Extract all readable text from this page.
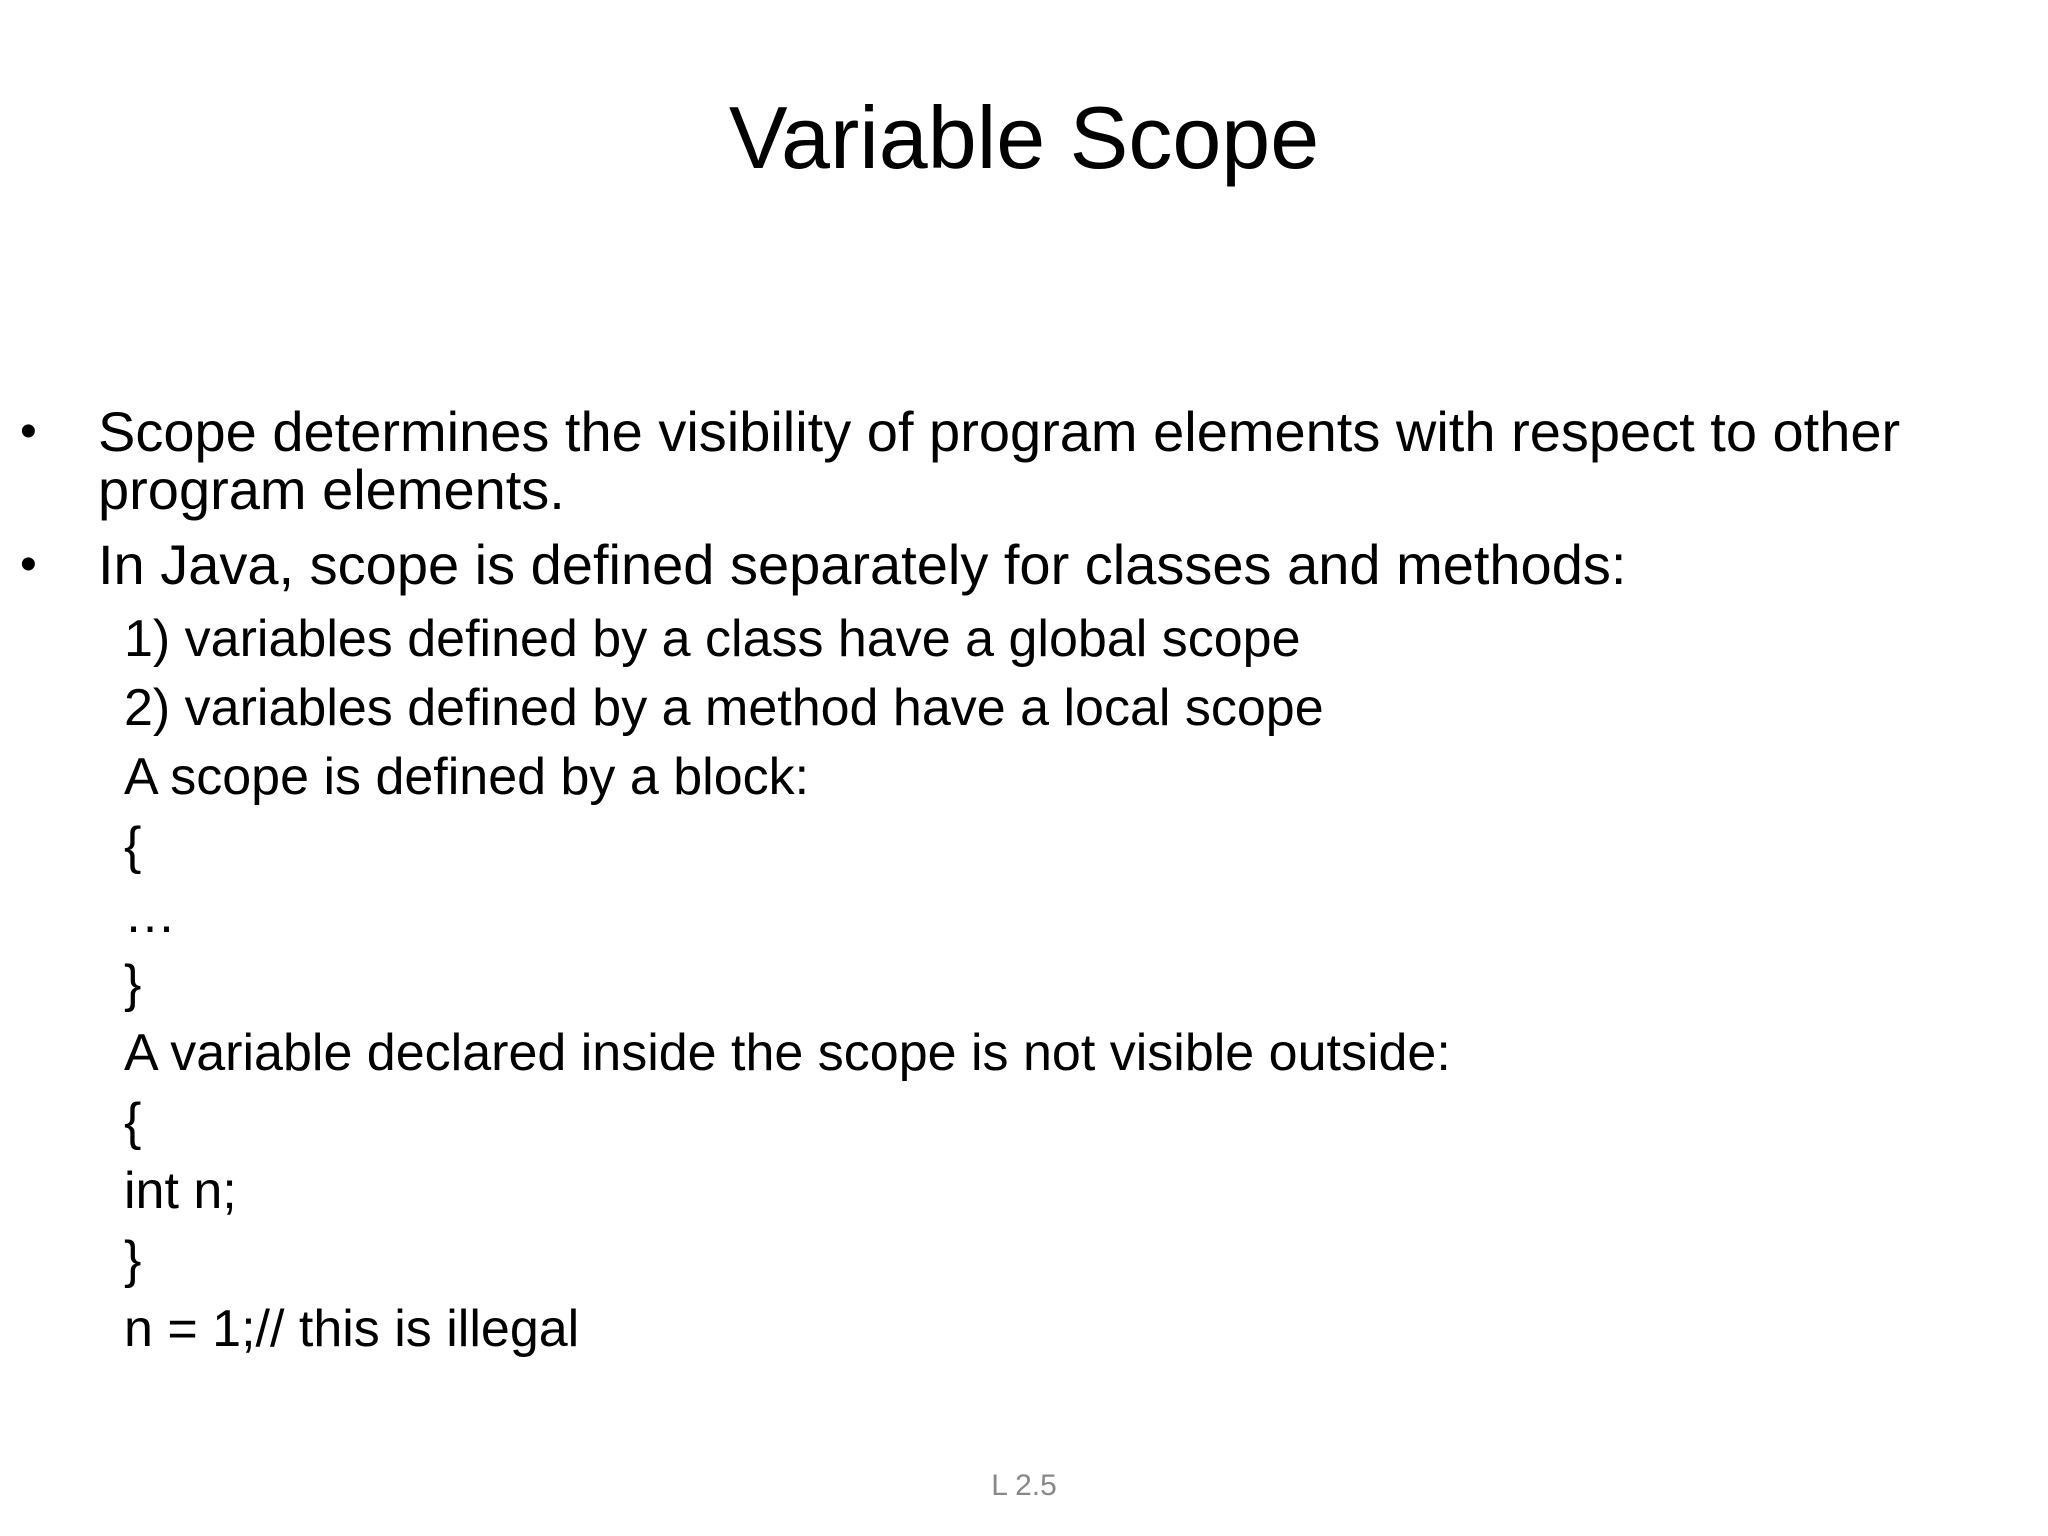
Variable Scope
• Scope determines the visibility of program elements with respect to other program elements.
• In Java, scope is defined separately for classes and methods:
1) variables defined by a class have a global scope
2) variables defined by a method have a local scope
A scope is defined by a block:
{
…
}
A variable declared inside the scope is not visible outside:
{
int n;
}
n = 1;// this is illegal
L 2.5
